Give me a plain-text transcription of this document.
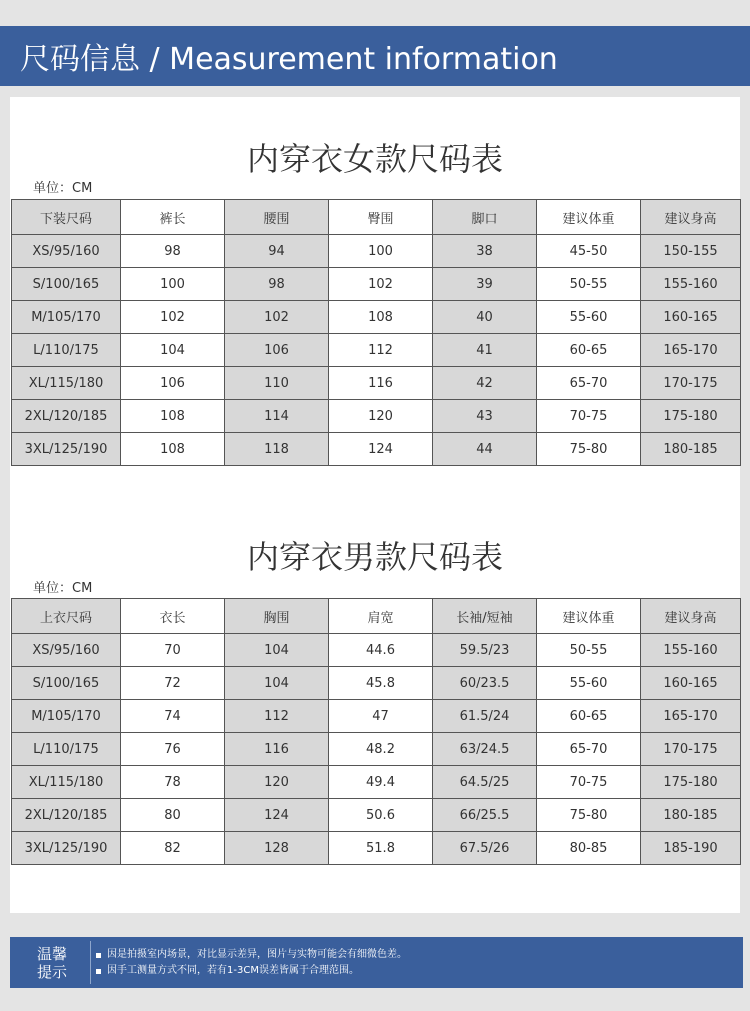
尺码信息 / Measurement information
内穿衣女款尺码表
单位：CM
下装尺码	裤长	腰围	臀围	脚口	建议体重	建议身高
XS/95/160	98	94	100	38	45-50	150-155
S/100/165	100	98	102	39	50-55	155-160
M/105/170	102	102	108	40	55-60	160-165
L/110/175	104	106	112	41	60-65	165-170
XL/115/180	106	110	116	42	65-70	170-175
2XL/120/185	108	114	120	43	70-75	175-180
3XL/125/190	108	118	124	44	75-80	180-185
内穿衣男款尺码表
单位：CM
上衣尺码	衣长	胸围	肩宽	长袖/短袖	建议体重	建议身高
XS/95/160	70	104	44.6	59.5/23	50-55	155-160
S/100/165	72	104	45.8	60/23.5	55-60	160-165
M/105/170	74	112	47	61.5/24	60-65	165-170
L/110/175	76	116	48.2	63/24.5	65-70	170-175
XL/115/180	78	120	49.4	64.5/25	70-75	175-180
2XL/120/185	80	124	50.6	66/25.5	75-80	180-185
3XL/125/190	82	128	51.8	67.5/26	80-85	185-190
温馨
提示
因是拍摄室内场景，对比显示差异，图片与实物可能会有细微色差。
因手工测量方式不同，若有1-3CM误差皆属于合理范围。
